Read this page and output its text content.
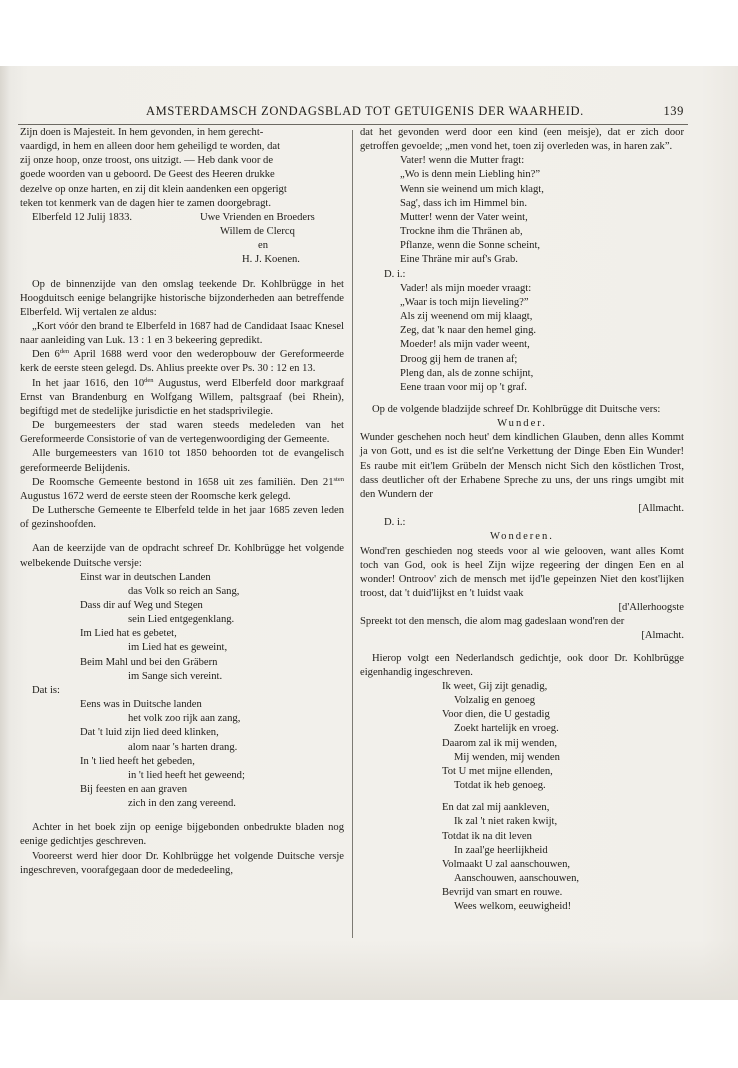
AMSTERDAMSCH ZONDAGSBLAD TOT GETUIGENIS DER WAARHEID.	139

Zijn doen is Majesteit. In hem gevonden, in hem gerecht-

vaardigd, in hem en alleen door hem geheiligd te worden, dat

zij onze hoop, onze troost, ons uitzigt. — Heb dank voor de

goede woorden van u geboord. De Geest des Heeren drukke

dezelve op onze harten, en zij dit klein aandenken een opgerigt

teken tot kenmerk van de dagen hier te zamen doorgebragt.

Elberfeld 12 Julij 1833.	Uwe Vrienden en Broeders

Willem de Clercq

en

H. J. Koenen.

Op de binnenzijde van den omslag teekende Dr. Kohlbrügge in het Hoogduitsch eenige belangrijke historische bijzonderheden aan betreffende Elberfeld. Wij vertalen ze aldus:

„Kort vóór den brand te Elberfeld in 1687 had de Candidaat Isaac Knesel naar aanleiding van Luk. 13 : 1 en 3 bekeering gepredikt.

Den $6^{den}$ April 1688 werd voor den wederopbouw der Gereformeerde kerk de eerste steen gelegd. Ds. Ahlius preekte over Ps. 30 : 12 en 13.

In het jaar 1616, den $10^{den}$ Augustus, werd Elberfeld door markgraaf Ernst van Brandenburg en Wolfgang Willem, paltsgraaf (bei Rhein), begiftigd met de stedelijke jurisdictie en het stadsprivilegie.

De burgemeesters der stad waren steeds medeleden van het Gereformeerde Consistorie of van de vertegenwoordiging der Gemeente.

Alle burgemeesters van 1610 tot 1850 behoorden tot de evangelisch gereformeerde Belijdenis.

De Roomsche Gemeente bestond in 1658 uit zes familiën. Den $21^{sten}$ Augustus 1672 werd de eerste steen der Roomsche kerk gelegd.

De Luthersche Gemeente te Elberfeld telde in het jaar 1685 zeven leden of gezinshoofden.

Aan de keerzijde van de opdracht schreef Dr. Kohlbrügge het volgende welbekende Duitsche versje:

Einst war in deutschen Landen

das Volk so reich an Sang,

Dass dir auf Weg und Stegen

sein Lied entgegenklang.

Im Lied hat es gebetet,

im Lied hat es geweint,

Beim Mahl und bei den Gräbern

im Sange sich vereint.

Dat is:

Eens was in Duitsche landen

het volk zoo rijk aan zang,

Dat 't luid zijn lied deed klinken,

alom naar 's harten drang.

In 't lied heeft het gebeden,

in 't lied heeft het geweend;

Bij feesten en aan graven

zich in den zang vereend.

Achter in het boek zijn op eenige bijgebonden onbedrukte bladen nog eenige gedichtjes geschreven.

Vooreerst werd hier door Dr. Kohlbrügge het volgende Duitsche versje ingeschreven, voorafgegaan door de mededeeling,

dat het gevonden werd door een kind (een meisje), dat er zich door getroffen gevoelde; „men vond het, toen zij overleden was, in haren zak”.

Vater! wenn die Mutter fragt:

„Wo is denn mein Liebling hin?”

Wenn sie weinend um mich klagt,

Sag', dass ich im Himmel bin.

Mutter! wenn der Vater weint,

Trockne ihm die Thränen ab,

Pflanze, wenn die Sonne scheint,

Eine Thräne mir auf's Grab.

D. i.:

Vader! als mijn moeder vraagt:

„Waar is toch mijn lieveling?”

Als zij weenend om mij klaagt,

Zeg, dat 'k naar den hemel ging.

Moeder! als mijn vader weent,

Droog gij hem de tranen af;

Pleng dan, als de zonne schijnt,

Eene traan voor mij op 't graf.

Op de volgende bladzijde schreef Dr. Kohlbrügge dit Duitsche vers:

Wunder.

Wunder geschehen noch heut' dem kindlichen Glauben, denn alles Kommt ja von Gott, und es ist die selt'ne Verkettung der Dinge Eben Ein Wunder! Es raube mit eit'lem Grübeln der Mensch nicht Sich den köstlichen Trost, dass deutlicher oft der Erhabene Spreche zu uns, der uns rings umgibt mit den Wundern der

[Allmacht.

D. i.:

Wonderen.

Wond'ren geschieden nog steeds voor al wie gelooven, want alles Komt toch van God, ook is heel Zijn wijze regeering der dingen Een en al wonder! Ontroov' zich de mensch met ijd'le gepeinzen Niet den kost'lijken troost, dat 't duid'lijkst en 't luidst vaak

[d'Allerhoogste

Spreekt tot den mensch, die alom mag gadeslaan wond'ren der

[Almacht.

Hierop volgt een Nederlandsch gedichtje, ook door Dr. Kohlbrügge eigenhandig ingeschreven.

Ik weet, Gij zijt genadig,

Volzalig en genoeg

Voor dien, die U gestadig

Zoekt hartelijk en vroeg.

Daarom zal ik mij wenden,

Mij wenden, mij wenden

Tot U met mijne ellenden,

Totdat ik heb genoeg.

En dat zal mij aankleven,

Ik zal 't niet raken kwijt,

Totdat ik na dit leven

In zaal'ge heerlijkheid

Volmaakt U zal aanschouwen,

Aanschouwen, aanschouwen,

Bevrijd van smart en rouwe.

Wees welkom, eeuwigheid!
